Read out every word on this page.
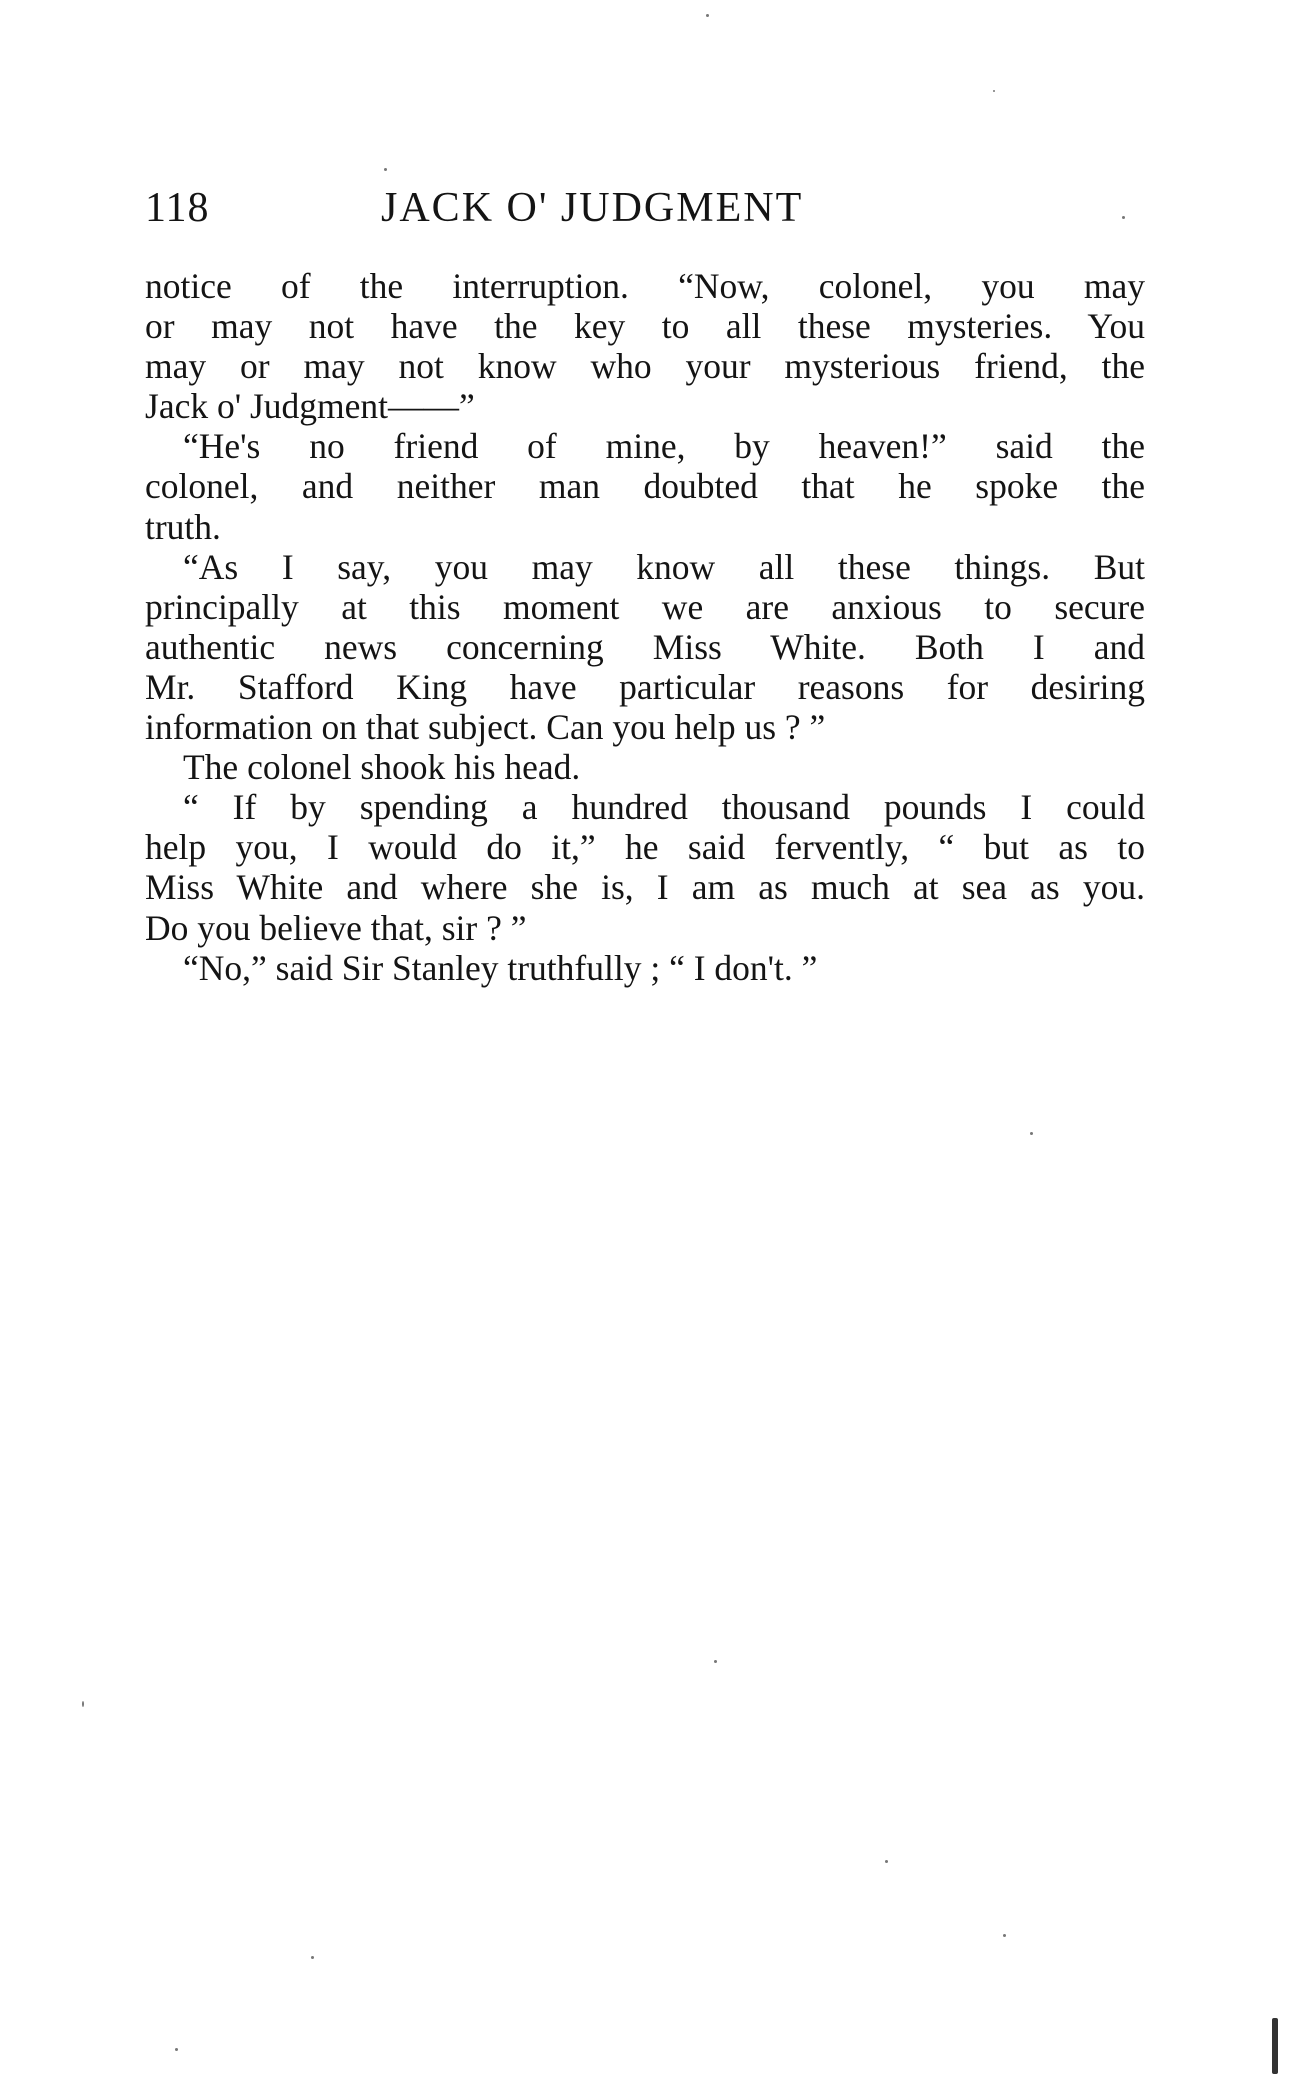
118	JACK O' JUDGMENT
notice of the interruption. “Now, colonel, you may
or may not have the key to all these mysteries. You
may or may not know who your mysterious friend, the
Jack o' Judgment——”
“He's no friend of mine, by heaven!” said the
colonel, and neither man doubted that he spoke the
truth.
“As I say, you may know all these things. But
principally at this moment we are anxious to secure
authentic news concerning Miss White. Both I and
Mr. Stafford King have particular reasons for desiring
information on that subject. Can you help us ? ”
The colonel shook his head.
“ If by spending a hundred thousand pounds I could
help you, I would do it,” he said fervently, “ but as to
Miss White and where she is, I am as much at sea as you.
Do you believe that, sir ? ”
“No,” said Sir Stanley truthfully ; “ I don't. ”
